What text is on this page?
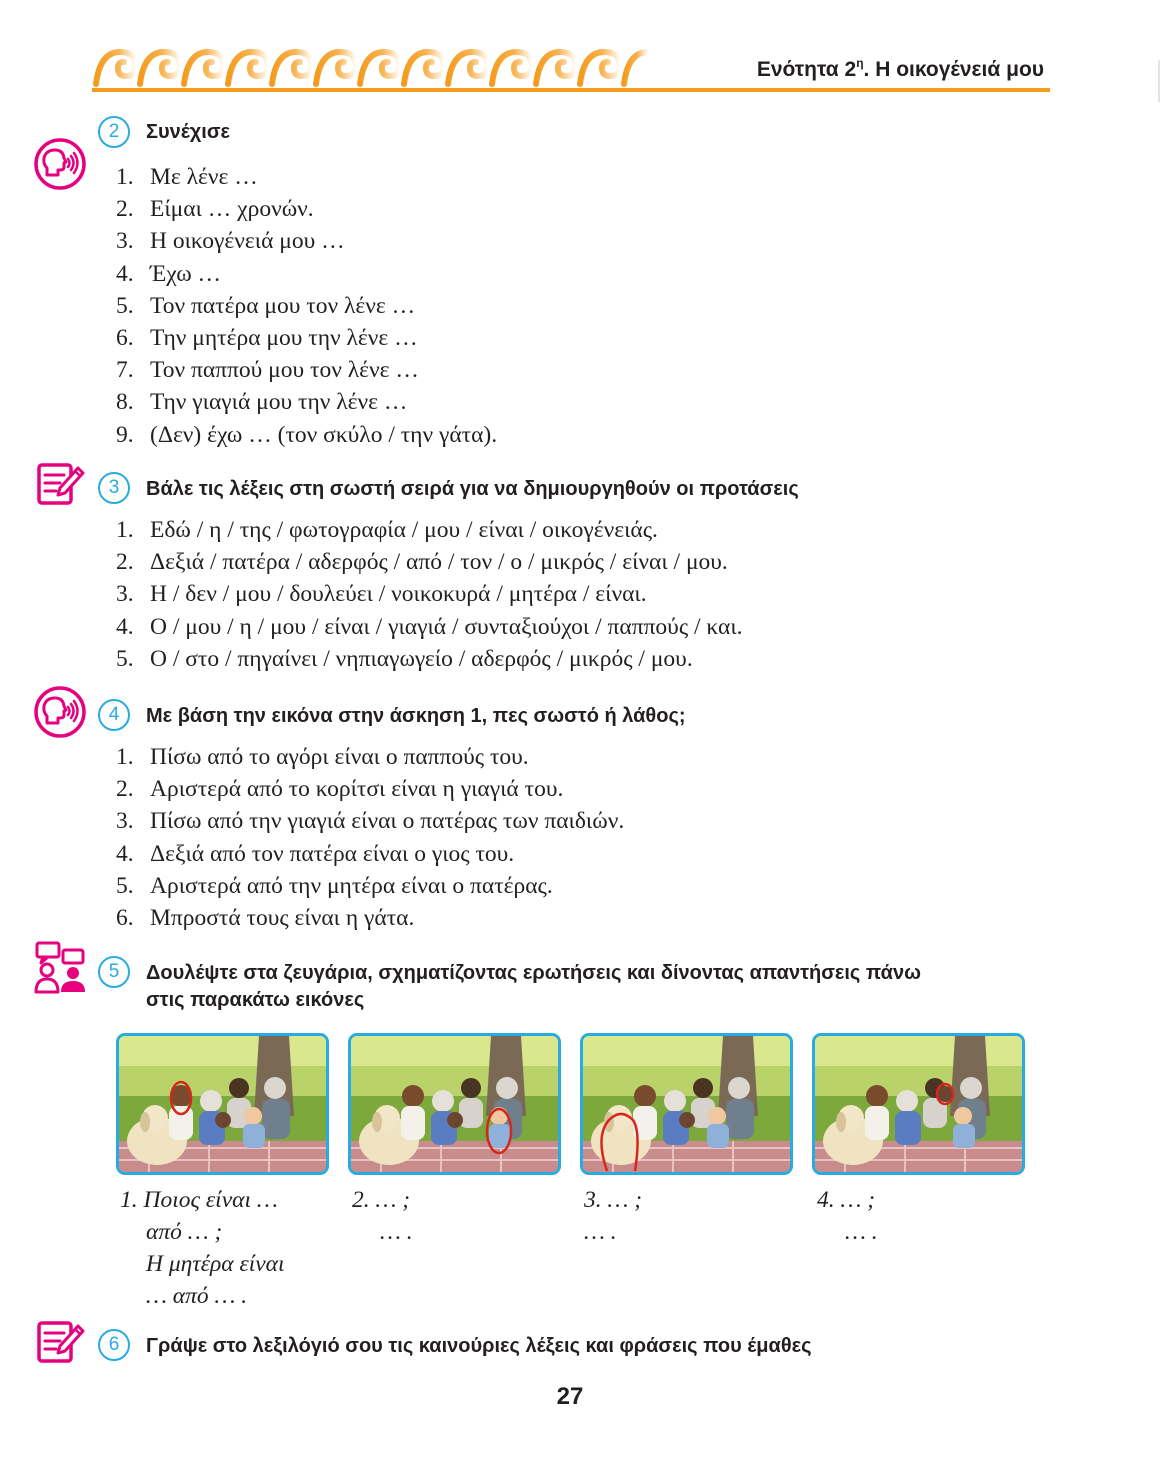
Ενότητα $2^\eta$. Η οικογένειά μου
2	Συνέχισε
1. Με λένε …
2. Είμαι … χρονών.
3. Η οικογένειά μου …
4. Έχω …
5. Τον πατέρα μου τον λένε …
6. Την μητέρα μου την λένε …
7. Τον παππού μου τον λένε …
8. Την γιαγιά μου την λένε …
9. (Δεν) έχω … (τον σκύλο / την γάτα).
3	Βάλε τις λέξεις στη σωστή σειρά για να δημιουργηθούν οι προτάσεις
1. Εδώ / η / της / φωτογραφία / μου / είναι / οικογένειάς.
2. Δεξιά / πατέρα / αδερφός / από / τον / ο / μικρός / είναι / μου.
3. Η / δεν / μου / δουλεύει / νοικοκυρά / μητέρα / είναι.
4. Ο / μου / η / μου / είναι / γιαγιά / συνταξιούχοι / παππούς / και.
5. Ο / στο / πηγαίνει / νηπιαγωγείο / αδερφός / μικρός / μου.
4	Με βάση την εικόνα στην άσκηση 1, πες σωστό ή λάθος;
1. Πίσω από το αγόρι είναι ο παππούς του.
2. Αριστερά από το κορίτσι είναι η γιαγιά του.
3. Πίσω από την γιαγιά είναι ο πατέρας των παιδιών.
4. Δεξιά από τον πατέρα είναι ο γιος του.
5. Αριστερά από την μητέρα είναι ο πατέρας.
6. Μπροστά τους είναι η γάτα.
5	Δουλέψτε στα ζευγάρια, σχηματίζοντας ερωτήσεις και δίνοντας απαντήσεις πάνω
στις παρακάτω εικόνες
1. Ποιος είναι …
από … ;
Η μητέρα είναι
… από … .
2. … ;
… .
3. … ;
… .
4. … ;
… .
6	Γράψε στο λεξιλόγιό σου τις καινούριες λέξεις και φράσεις που έμαθες
27
